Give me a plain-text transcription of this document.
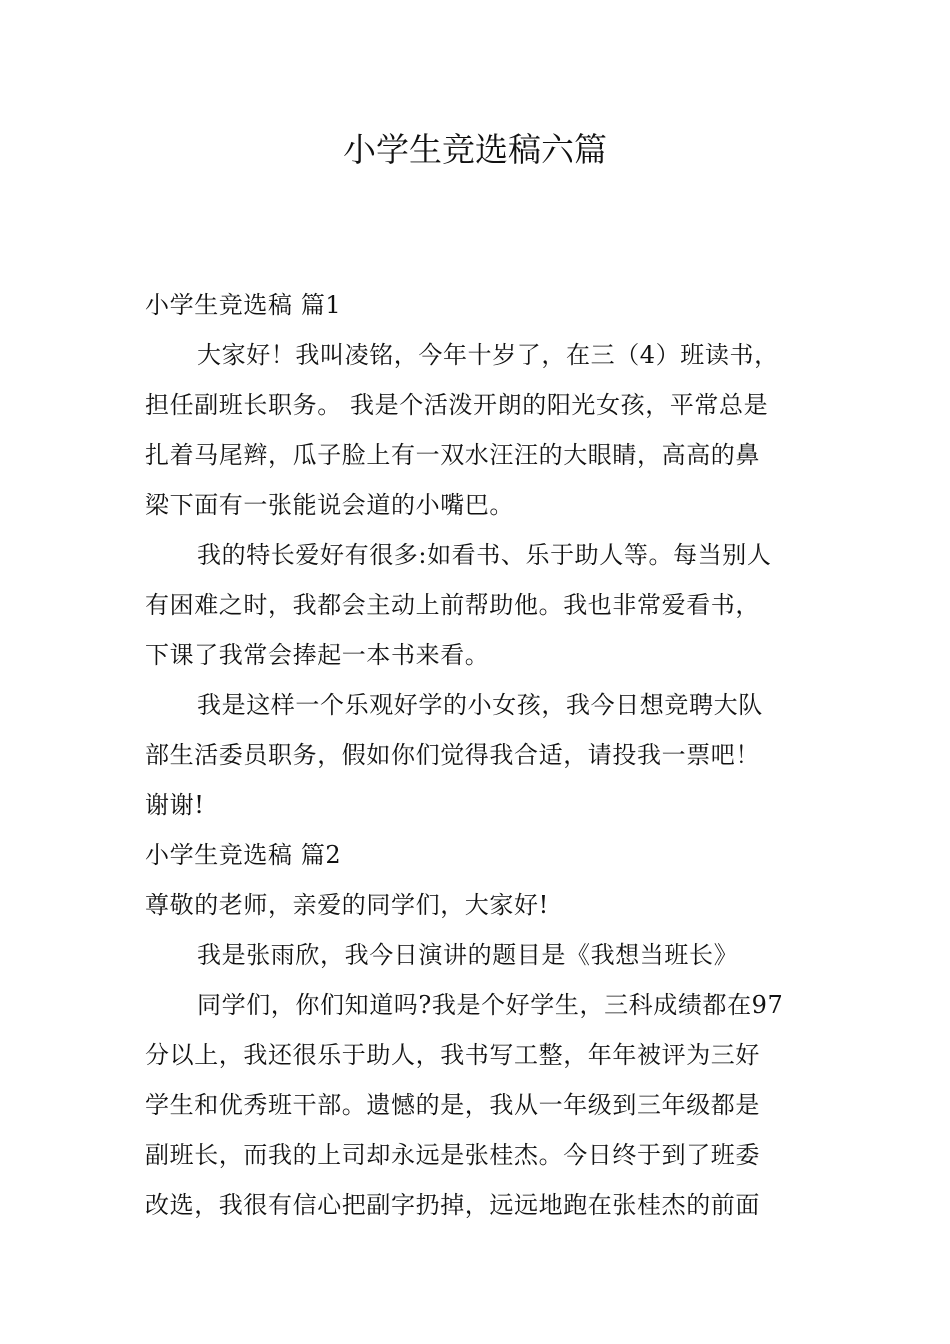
小学生竞选稿六篇
小学生竞选稿 篇1
大家好！我叫凌铭，今年十岁了，在三（4）班读书，
担任副班长职务。 我是个活泼开朗的阳光女孩，平常总是
扎着马尾辫，瓜子脸上有一双水汪汪的大眼睛，高高的鼻
梁下面有一张能说会道的小嘴巴。
我的特长爱好有很多:如看书、乐于助人等。每当别人
有困难之时，我都会主动上前帮助他。我也非常爱看书，
下课了我常会捧起一本书来看。
我是这样一个乐观好学的小女孩，我今日想竞聘大队
部生活委员职务，假如你们觉得我合适，请投我一票吧！
谢谢!
小学生竞选稿 篇2
尊敬的老师，亲爱的同学们，大家好!
我是张雨欣，我今日演讲的题目是《我想当班长》
同学们，你们知道吗?我是个好学生，三科成绩都在97
分以上，我还很乐于助人，我书写工整，年年被评为三好
学生和优秀班干部。遗憾的是，我从一年级到三年级都是
副班长，而我的上司却永远是张桂杰。今日终于到了班委
改选，我很有信心把副字扔掉，远远地跑在张桂杰的前面
